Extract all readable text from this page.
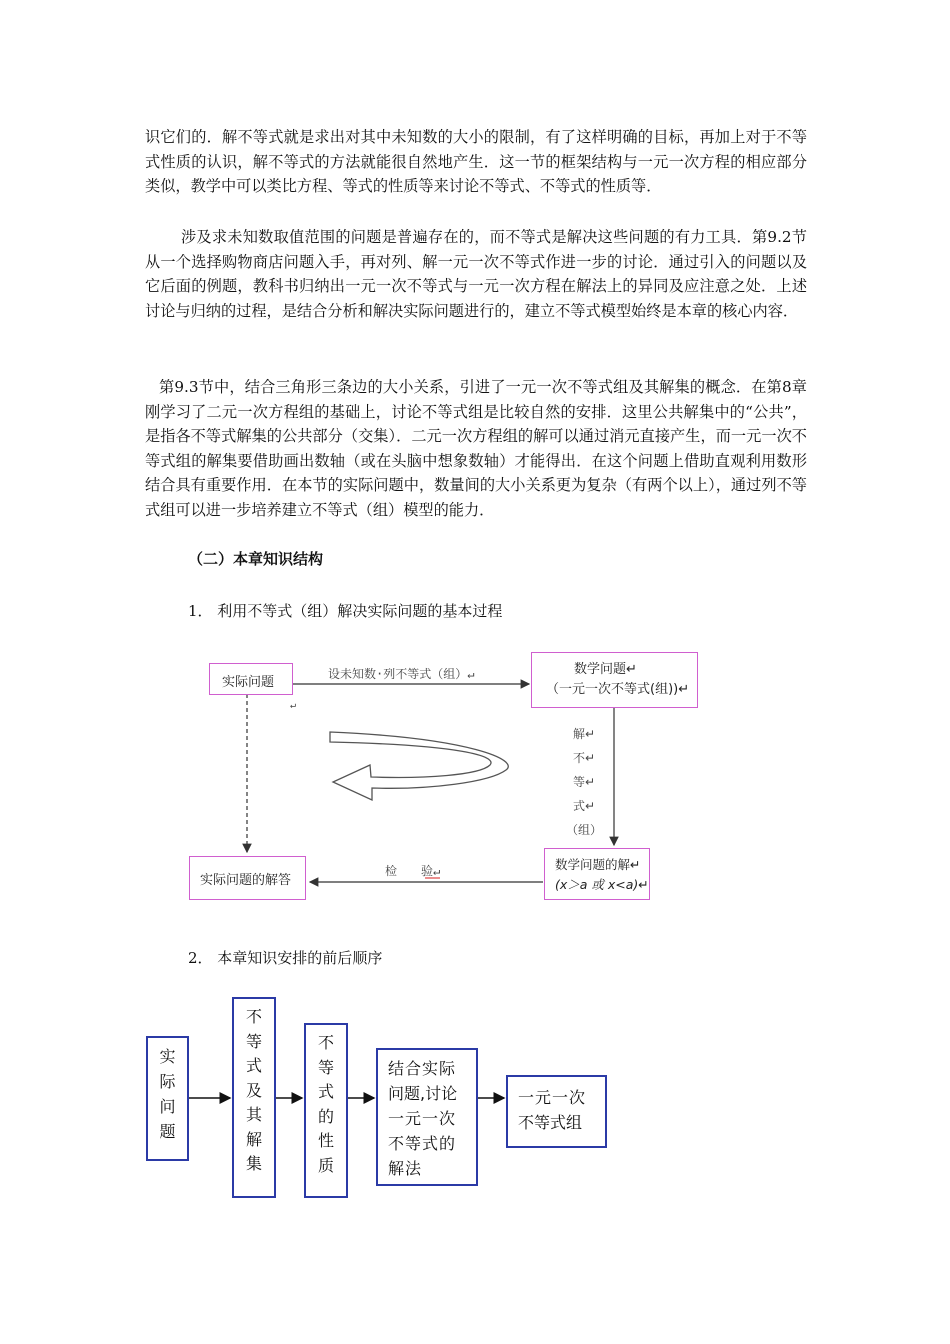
识它们的．解不等式就是求出对其中未知数的大小的限制，有了这样明确的目标，再加上对于不等式性质的认识，解不等式的方法就能很自然地产生．这一节的框架结构与一元一次方程的相应部分类似，教学中可以类比方程、等式的性质等来讨论不等式、不等式的性质等．

涉及求未知数取值范围的问题是普遍存在的，而不等式是解决这些问题的有力工具．第9.2节从一个选择购物商店问题入手，再对列、解一元一次不等式作进一步的讨论．通过引入的问题以及它后面的例题，教科书归纳出一元一次不等式与一元一次方程在解法上的异同及应注意之处．上述讨论与归纳的过程，是结合分析和解决实际问题进行的，建立不等式模型始终是本章的核心内容．

第9.3节中，结合三角形三条边的大小关系，引进了一元一次不等式组及其解集的概念．在第8章刚学习了二元一次方程组的基础上，讨论不等式组是比较自然的安排．这里公共解集中的“公共”，是指各不等式解集的公共部分（交集）．二元一次方程组的解可以通过消元直接产生，而一元一次不等式组的解集要借助画出数轴（或在头脑中想象数轴）才能得出．在这个问题上借助直观利用数形结合具有重要作用．在本节的实际问题中，数量间的大小关系更为复杂（有两个以上），通过列不等式组可以进一步培养建立不等式（组）模型的能力．

（二）本章知识结构
1． 利用不等式（组）解决实际问题的基本过程
实际问题
设未知数·列不等式（组）↵
↵
数学问题↵
（一元一次不等式(组))↵
解↵
不↵
等↵
式↵
（组）
数学问题的解↵
(x＞a 或 x<a)↵
检　　验↵
实际问题的解答
2． 本章知识安排的前后顺序
实
际
问
题
不
等
式
及
其
解
集
不
等
式
的
性
质
结合实际
问题,讨论
一元一次
不等式的
解法
一元一次
不等式组
